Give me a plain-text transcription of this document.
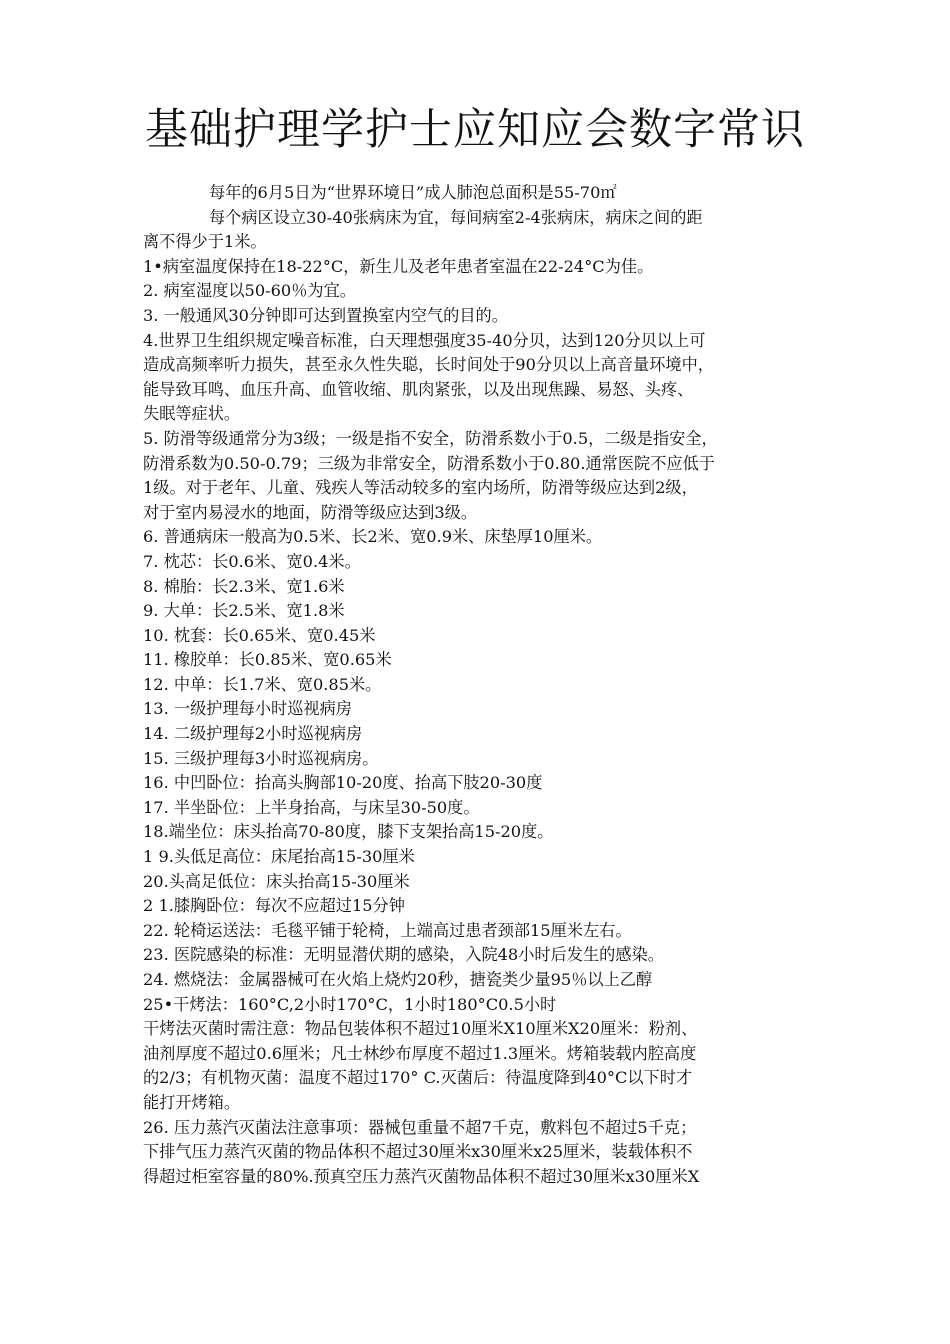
基础护理学护士应知应会数字常识

每年的6月5日为“世界环境日”成人肺泡总面积是55-70㎡

每个病区设立30-40张病床为宜，每间病室2-4张病床，病床之间的距

离不得少于1米。

1•病室温度保持在18-22°C，新生儿及老年患者室温在22-24°C为佳。

2. 病室湿度以50-60％为宜。

3. 一般通风30分钟即可达到置换室内空气的目的。

4.世界卫生组织规定噪音标准，白天理想强度35-40分贝，达到120分贝以上可

造成高频率听力损失，甚至永久性失聪，长时间处于90分贝以上高音量环境中，

能导致耳鸣、血压升高、血管收缩、肌肉紧张，以及出现焦躁、易怒、头疼、

失眠等症状。

5. 防滑等级通常分为3级；一级是指不安全，防滑系数小于0.5，二级是指安全，

防滑系数为0.50-0.79；三级为非常安全，防滑系数小于0.80.通常医院不应低于

1级。对于老年、儿童、残疾人等活动较多的室内场所，防滑等级应达到2级，

对于室内易浸水的地面，防滑等级应达到3级。

6. 普通病床一般高为0.5米、长2米、宽0.9米、床垫厚10厘米。

7. 枕芯：长0.6米、宽0.4米。

8. 棉胎：长2.3米、宽1.6米

9. 大单：长2.5米、宽1.8米

10. 枕套：长0.65米、宽0.45米

11. 橡胶单：长0.85米、宽0.65米

12. 中单：长1.7米、宽0.85米。

13. 一级护理每小时巡视病房

14. 二级护理每2小时巡视病房

15. 三级护理每3小时巡视病房。

16. 中凹卧位：抬高头胸部10-20度、抬高下肢20-30度

17. 半坐卧位：上半身抬高，与床呈30-50度。

18.端坐位：床头抬高70-80度，膝下支架抬高15-20度。

1 9.头低足高位：床尾抬高15-30厘米

20.头高足低位：床头抬高15-30厘米

2 1.膝胸卧位：每次不应超过15分钟

22. 轮椅运送法：毛毯平铺于轮椅，上端高过患者颈部15厘米左右。

23. 医院感染的标准：无明显潜伏期的感染，入院48小时后发生的感染。

24. 燃烧法：金属器械可在火焰上烧灼20秒，搪瓷类少量95％以上乙醇

25•干烤法：160°C,2小时170°C，1小时180°C0.5小时

干烤法灭菌时需注意：物品包装体积不超过10厘米X10厘米X20厘米：粉剂、

油剂厚度不超过0.6厘米；凡士林纱布厚度不超过1.3厘米。烤箱装载内腔高度

的2/3；有机物灭菌：温度不超过170° C.灭菌后：待温度降到40°C以下时才

能打开烤箱。

26. 压力蒸汽灭菌法注意事项：器械包重量不超7千克，敷料包不超过5千克；

下排气压力蒸汽灭菌的物品体积不超过30厘米x30厘米x25厘米，装载体积不

得超过柜室容量的80%.预真空压力蒸汽灭菌物品体积不超过30厘米x30厘米X
